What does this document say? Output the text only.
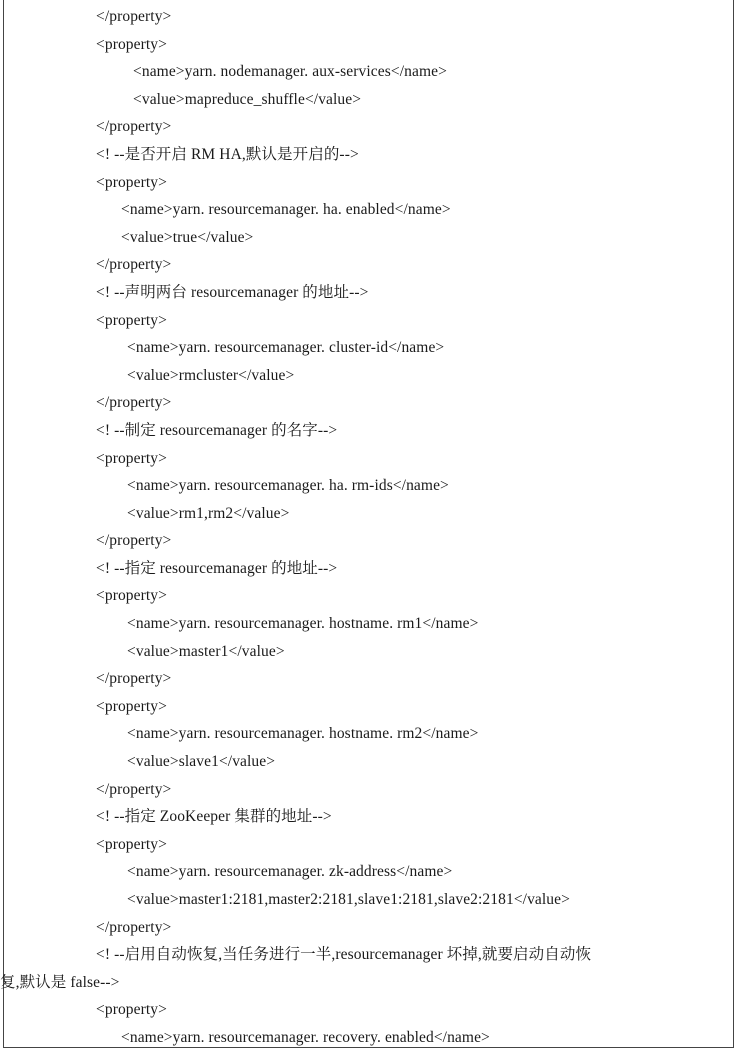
</property>
<property>
<name>yarn. nodemanager. aux-services</name>
<value>mapreduce_shuffle</value>
</property>
<! --是否开启 RM HA,默认是开启的-->
<property>
<name>yarn. resourcemanager. ha. enabled</name>
<value>true</value>
</property>
<! --声明两台 resourcemanager 的地址-->
<property>
<name>yarn. resourcemanager. cluster-id</name>
<value>rmcluster</value>
</property>
<! --制定 resourcemanager 的名字-->
<property>
<name>yarn. resourcemanager. ha. rm-ids</name>
<value>rm1,rm2</value>
</property>
<! --指定 resourcemanager 的地址-->
<property>
<name>yarn. resourcemanager. hostname. rm1</name>
<value>master1</value>
</property>
<property>
<name>yarn. resourcemanager. hostname. rm2</name>
<value>slave1</value>
</property>
<! --指定 ZooKeeper 集群的地址-->
<property>
<name>yarn. resourcemanager. zk-address</name>
<value>master1:2181,master2:2181,slave1:2181,slave2:2181</value>
</property>
<! --启用自动恢复,当任务进行一半,resourcemanager 坏掉,就要启动自动恢
复,默认是 false-->
<property>
<name>yarn. resourcemanager. recovery. enabled</name>
